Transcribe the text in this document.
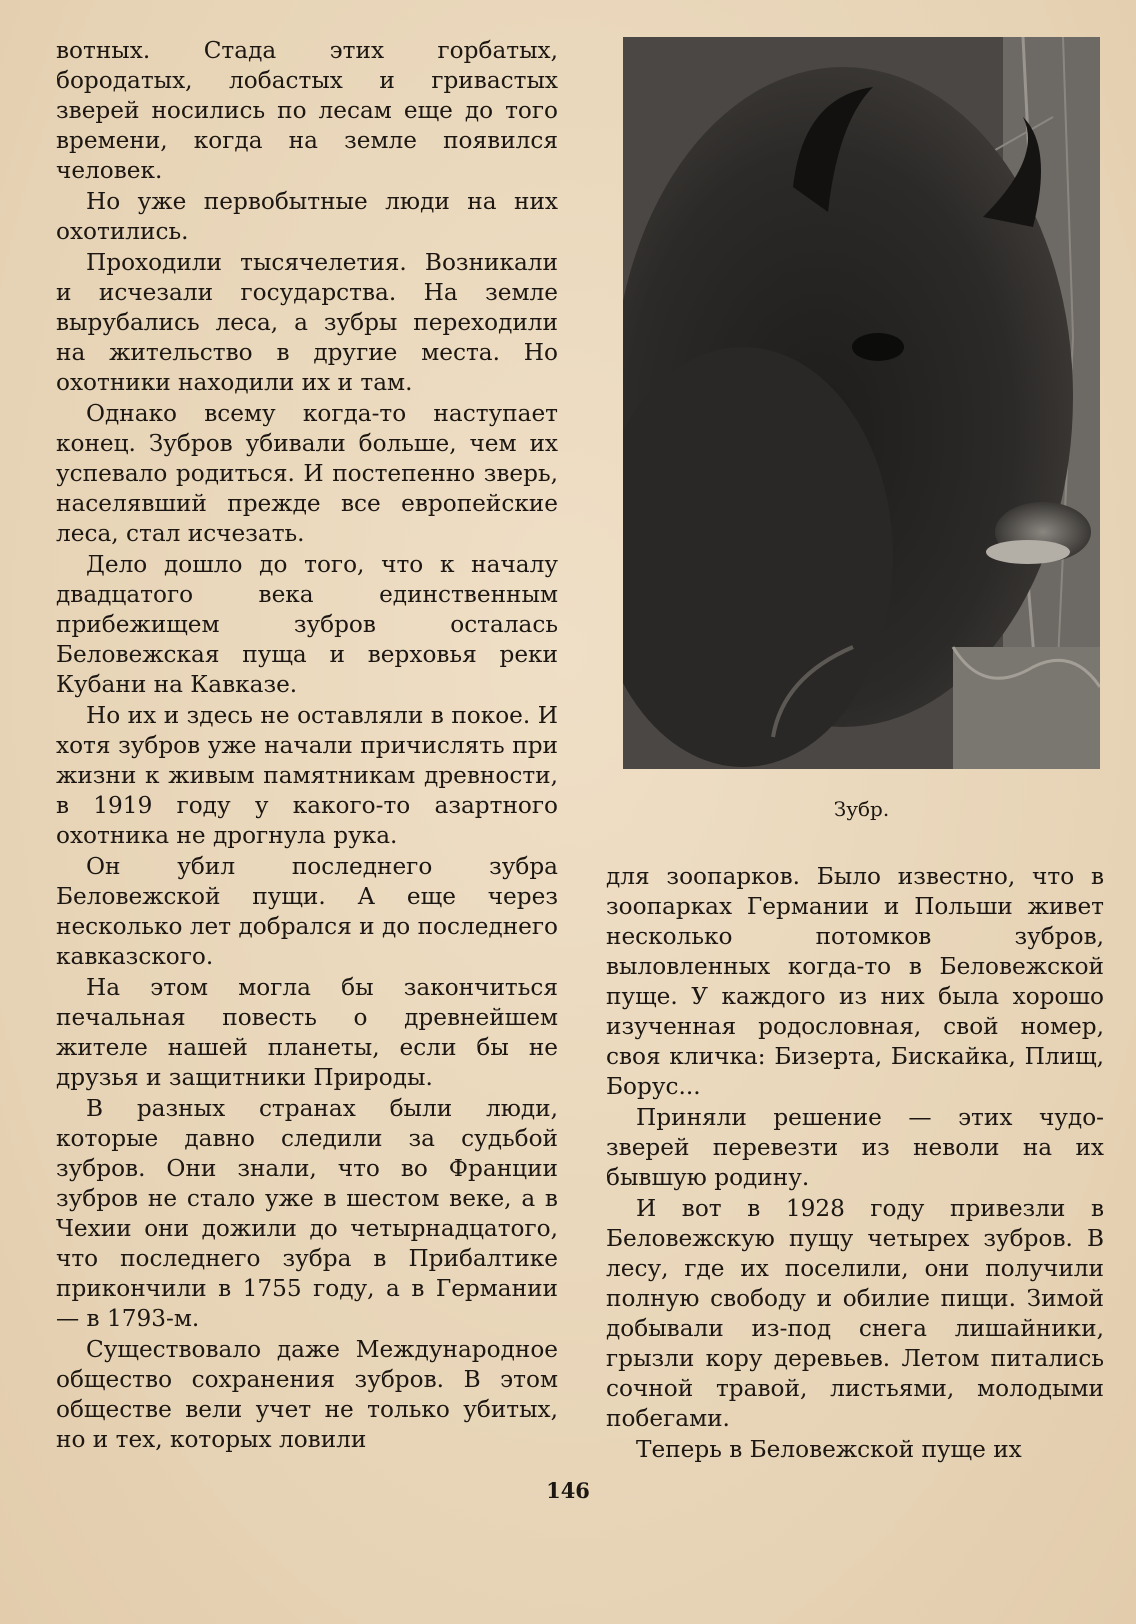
вотных. Стада этих горбатых, бородатых, лобастых и гривастых зверей носились по лесам еще до того времени, когда на земле появился человек.

Но уже первобытные люди на них охотились.

Проходили тысячелетия. Возникали и исчезали государства. На земле вырубались леса, а зубры переходили на жительство в другие места. Но охотники находили их и там.

Однако всему когда-то наступает конец. Зубров убивали больше, чем их успевало родиться. И постепенно зверь, населявший прежде все европейские леса, стал исчезать.

Дело дошло до того, что к началу двадцатого века единственным прибежищем зубров осталась Беловежская пуща и верховья реки Кубани на Кавказе.

Но их и здесь не оставляли в покое. И хотя зубров уже начали причислять при жизни к живым памятникам древности, в 1919 году у какого-то азартного охотника не дрогнула рука.

Он убил последнего зубра Беловежской пущи. А еще через несколько лет добрался и до последнего кавказского.

На этом могла бы закончиться печальная повесть о древнейшем жителе нашей планеты, если бы не друзья и защитники Природы.

В разных странах были люди, которые давно следили за судьбой зубров. Они знали, что во Франции зубров не стало уже в шестом веке, а в Чехии они дожили до четырнадцатого, что последнего зубра в Прибалтике прикончили в 1755 году, а в Германии — в 1793-м.

Существовало даже Международное общество сохранения зубров. В этом обществе вели учет не только убитых, но и тех, которых ловили

Зубр.

для зоопарков. Было известно, что в зоопарках Германии и Польши живет несколько потомков зубров, выловленных когда-то в Беловежской пуще. У каждого из них была хорошо изученная родословная, свой номер, своя кличка: Бизерта, Бискайка, Плищ, Борус...

Приняли решение — этих чудо-зверей перевезти из неволи на их бывшую родину.

И вот в 1928 году привезли в Беловежскую пущу четырех зубров. В лесу, где их поселили, они получили полную свободу и обилие пищи. Зимой добывали из-под снега лишайники, грызли кору деревьев. Летом питались сочной травой, листьями, молодыми побегами.

Теперь в Беловежской пуще их

146
